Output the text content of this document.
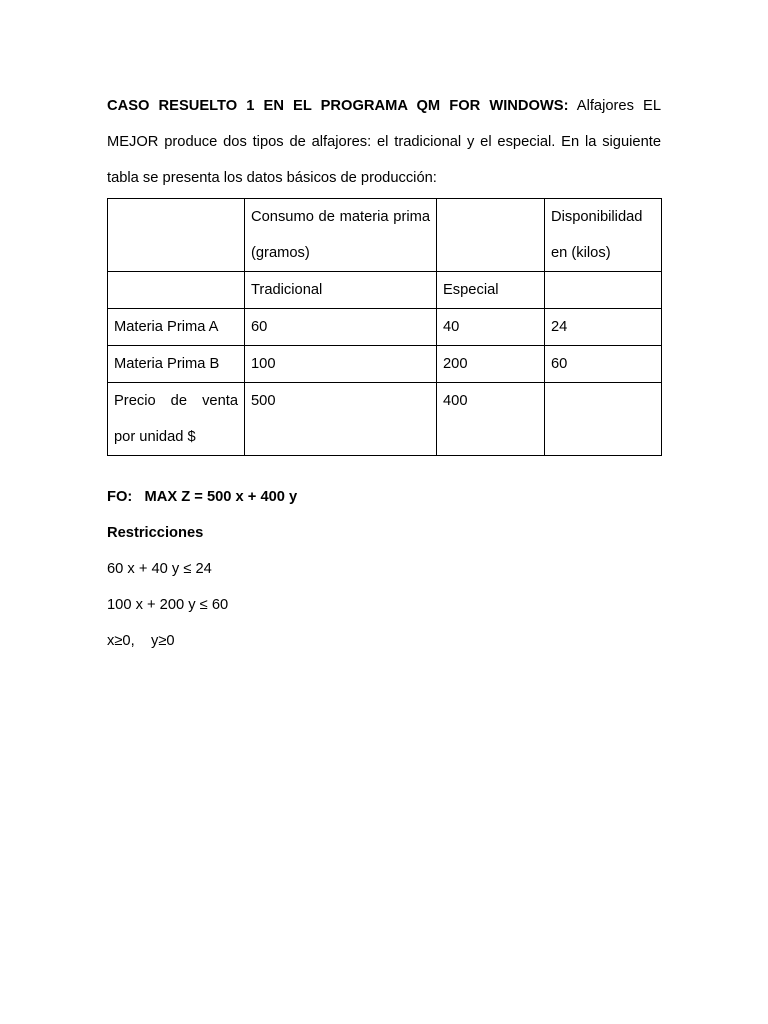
CASO RESUELTO 1 EN EL PROGRAMA QM FOR WINDOWS: Alfajores EL MEJOR produce dos tipos de alfajores: el tradicional y el especial. En la siguiente tabla se presenta los datos básicos de producción:

	Consumo de materia prima (gramos)		Disponibilidad en (kilos)
	Tradicional	Especial	
Materia Prima A	60	40	24
Materia Prima B	100	200	60
Precio de venta por unidad $	500	400	
FO:   MAX Z = 500 x + 400 y
Restricciones
60 x + 40 y ≤ 24
100 x + 200 y ≤ 60
x≥0,    y≥0
